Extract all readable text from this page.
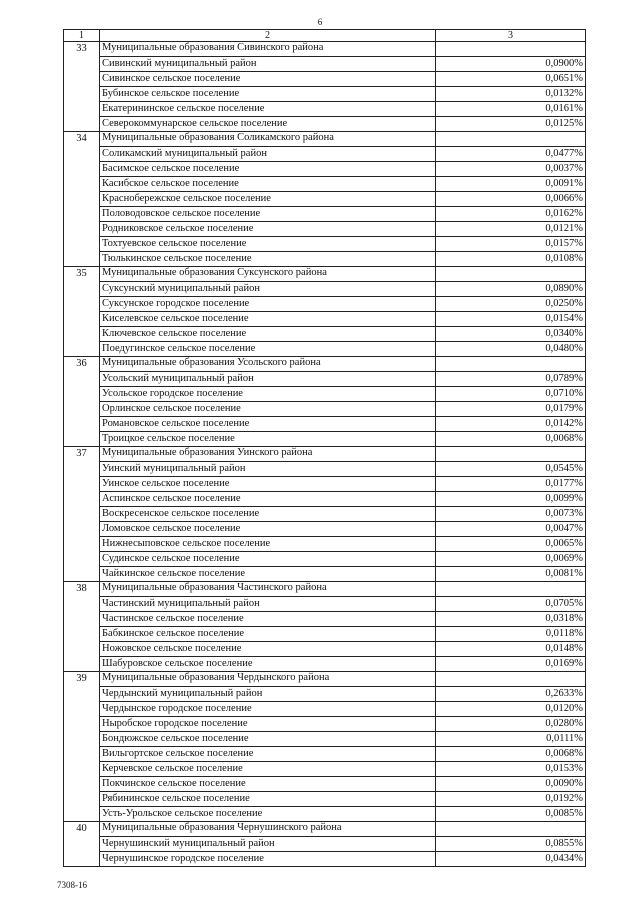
6
1	2	3
33	Муниципальные образования Сивинского района	
	Сивинский муниципальный район	0,0900%
	Сивинское сельское поселение	0,0651%
	Бубинское сельское поселение	0,0132%
	Екатерининское сельское поселение	0,0161%
	Северокоммунарское сельское поселение	0,0125%
34	Муниципальные образования Соликамского района	
	Соликамский муниципальный район	0,0477%
	Басимское сельское поселение	0,0037%
	Касибское сельское поселение	0,0091%
	Краснобережское сельское поселение	0,0066%
	Половодовское сельское поселение	0,0162%
	Родниковское сельское поселение	0,0121%
	Тохтуевское сельское поселение	0,0157%
	Тюлькинское сельское поселение	0,0108%
35	Муниципальные образования Суксунского района	
	Суксунский муниципальный район	0,0890%
	Суксунское городское поселение	0,0250%
	Киселевское сельское поселение	0,0154%
	Ключевское сельское поселение	0,0340%
	Поедугинское сельское поселение	0,0480%
36	Муниципальные образования Усольского района	
	Усольский муниципальный район	0,0789%
	Усольское городское поселение	0,0710%
	Орлинское сельское поселение	0,0179%
	Романовское сельское поселение	0,0142%
	Троицкое сельское поселение	0,0068%
37	Муниципальные образования Уинского района	
	Уинский муниципальный район	0,0545%
	Уинское сельское поселение	0,0177%
	Аспинское сельское поселение	0,0099%
	Воскресенское сельское поселение	0,0073%
	Ломовское сельское поселение	0,0047%
	Нижнесыповское сельское поселение	0,0065%
	Судинское сельское поселение	0,0069%
	Чайкинское сельское поселение	0,0081%
38	Муниципальные образования Частинского района	
	Частинский муниципальный район	0,0705%
	Частинское сельское поселение	0,0318%
	Бабкинское сельское поселение	0,0118%
	Ножовское сельское поселение	0,0148%
	Шабуровское сельское поселение	0,0169%
39	Муниципальные образования Чердынского района	
	Чердынский муниципальный район	0,2633%
	Чердынское городское поселение	0,0120%
	Ныробское городское поселение	0,0280%
	Бондюжское сельское поселение	0,0111%
	Вильгортское сельское поселение	0,0068%
	Керчевское сельское поселение	0,0153%
	Покчинское сельское поселение	0,0090%
	Рябининское сельское поселение	0,0192%
	Усть-Урольское сельское поселение	0,0085%
40	Муниципальные образования Чернушинского района	
	Чернушинский муниципальный район	0,0855%
	Чернушинское городское поселение	0,0434%
7308-16
